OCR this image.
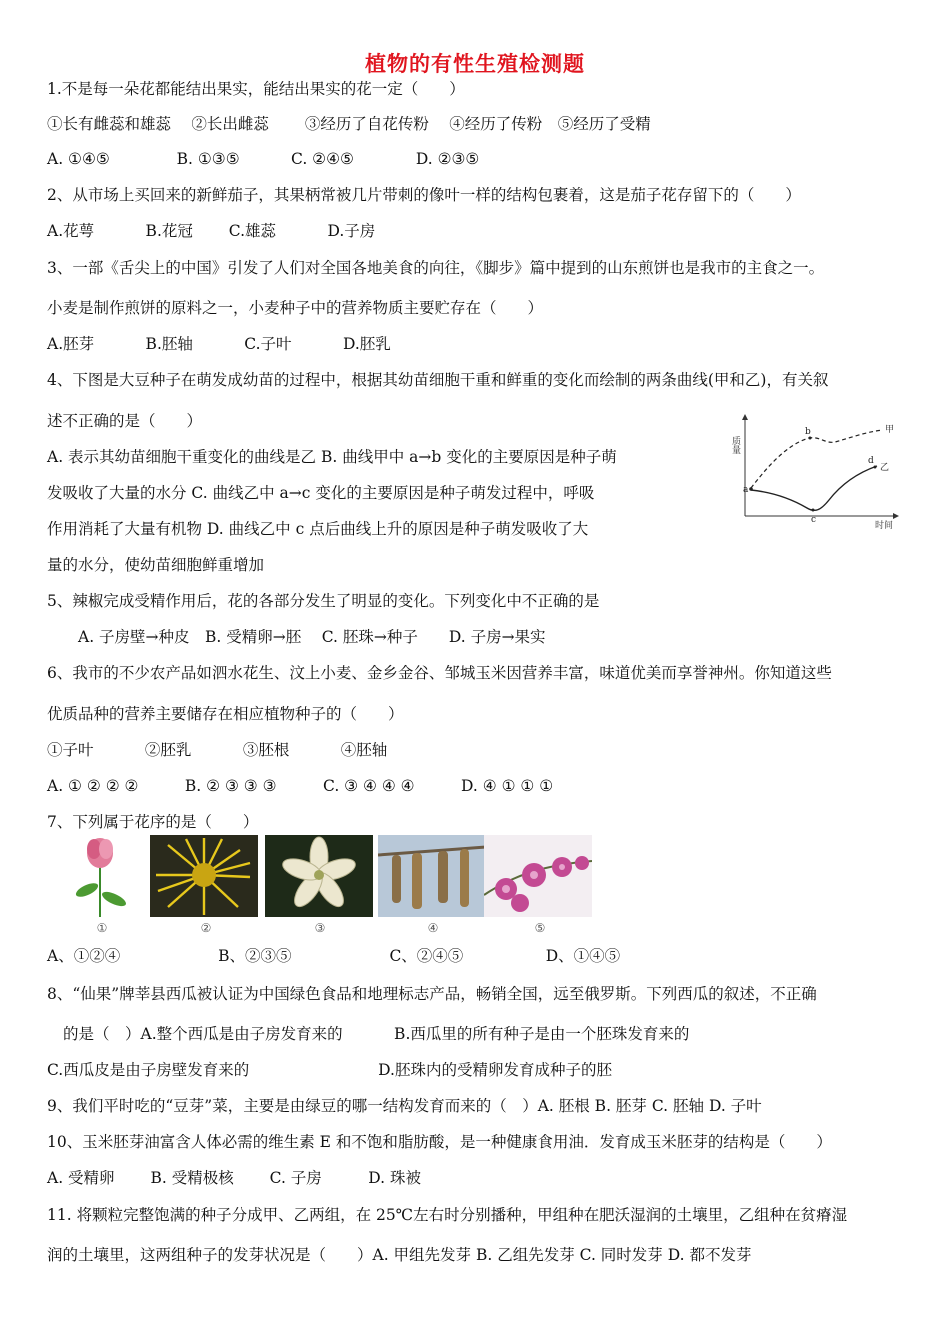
植物的有性生殖检测题
1.不是每一朵花都能结出果实，能结出果实的花一定（　　）
①长有雌蕊和雄蕊　 ②长出雌蕊　　 ③经历了自花传粉　 ④经历了传粉　⑤经历了受精
A. ①④⑤　　　　 B. ①③⑤　　　 C. ②④⑤　　　　D. ②③⑤
2、从市场上买回来的新鲜茄子，其果柄常被几片带刺的像叶一样的结构包裹着，这是茄子花存留下的（　　）
A.花萼　　　 B.花冠　　 C.雄蕊　　　 D.子房
3、一部《舌尖上的中国》引发了人们对全国各地美食的向往，《脚步》篇中提到的山东煎饼也是我市的主食之一。
小麦是制作煎饼的原料之一，小麦种子中的营养物质主要贮存在（　　）
A.胚芽　　　 B.胚轴　　　 C.子叶　　　 D.胚乳
4、下图是大豆种子在萌发成幼苗的过程中，根据其幼苗细胞干重和鲜重的变化而绘制的两条曲线(甲和乙)，有关叙
述不正确的是（　　）
A. 表示其幼苗细胞干重变化的曲线是乙 B. 曲线甲中 a→b 变化的主要原因是种子萌
发吸收了大量的水分 C. 曲线乙中 a→c 变化的主要原因是种子萌发过程中，呼吸
作用消耗了大量有机物 D. 曲线乙中 c 点后曲线上升的原因是种子萌发吸收了大
量的水分，使幼苗细胞鲜重增加
质量
时间
a
b
c
d
甲
乙
5、辣椒完成受精作用后，花的各部分发生了明显的变化。下列变化中不正确的是
A. 子房壁→种皮　B. 受精卵→胚　 C. 胚珠→种子　　D. 子房→果实
6、我市的不少农产品如泗水花生、汶上小麦、金乡金谷、邹城玉米因营养丰富，味道优美而享誉神州。你知道这些
优质品种的营养主要储存在相应植物种子的（　　）
①子叶　　　 ②胚乳　　　 ③胚根　　　 ④胚轴
A. ① ② ② ②　　　B. ② ③ ③ ③　　　C. ③ ④ ④ ④　　　D. ④ ① ① ①
7、下列属于花序的是（　　）
①	②	③	④	⑤
A、①②④　　　　　　 B、②③⑤　　　　　　 C、②④⑤　　　　　 D、①④⑤
8、“仙果”牌莘县西瓜被认证为中国绿色食品和地理标志产品，畅销全国，远至俄罗斯。下列西瓜的叙述，不正确
的是（　）A.整个西瓜是由子房发育来的　　　 B.西瓜里的所有种子是由一个胚珠发育来的
C.西瓜皮是由子房壁发育来的　　　　　　　　 D.胚珠内的受精卵发育成种子的胚
9、我们平时吃的“豆芽”菜，主要是由绿豆的哪一结构发育而来的（　）A. 胚根 B. 胚芽 C. 胚轴 D. 子叶
10、玉米胚芽油富含人体必需的维生素 E 和不饱和脂肪酸，是一种健康食用油．发育成玉米胚芽的结构是（　　）
A. 受精卵　　 B. 受精极核　　 C. 子房　　　D. 珠被
11. 将颗粒完整饱满的种子分成甲、乙两组，在 25℃左右时分别播种，甲组种在肥沃湿润的土壤里，乙组种在贫瘠湿
润的土壤里，这两组种子的发芽状况是（　　）A. 甲组先发芽 B. 乙组先发芽 C. 同时发芽 D. 都不发芽
